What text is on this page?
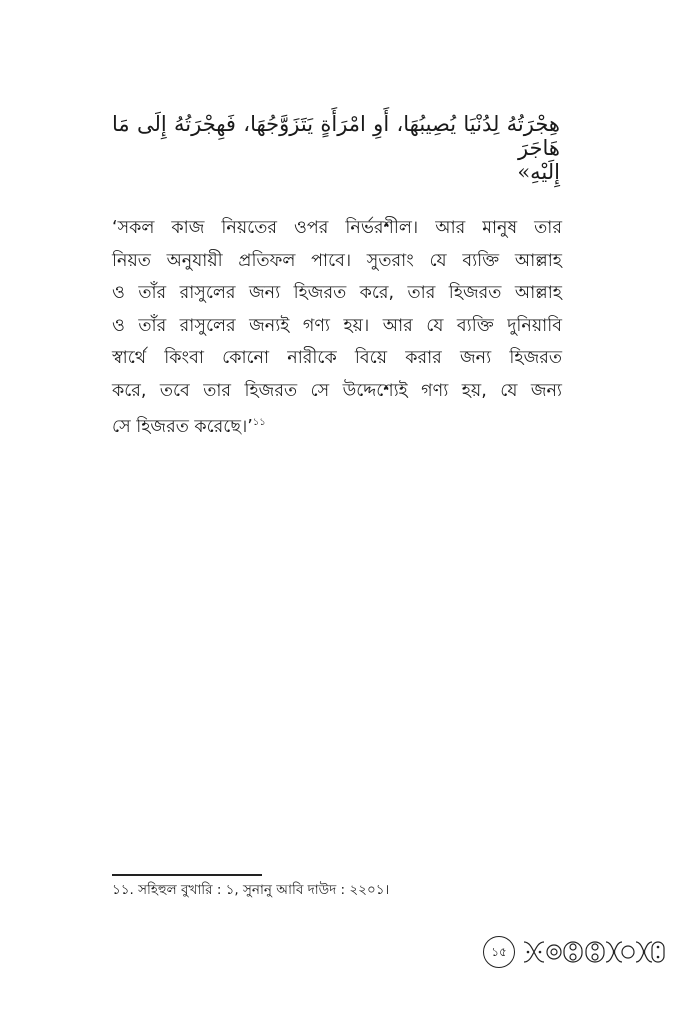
هِجْرَتُهُ لِدُنْيَا يُصِيبُهَا، أَوِ امْرَأَةٍ يَتَزَوَّجُهَا، فَهِجْرَتُهُ إِلَى مَا هَاجَرَ
إِلَيْهِ»
‘সকল কাজ নিয়তের ওপর নির্ভরশীল। আর মানুষ তার
নিয়ত অনুযায়ী প্রতিফল পাবে। সুতরাং যে ব্যক্তি আল্লাহ
ও তাঁর রাসুলের জন্য হিজরত করে, তার হিজরত আল্লাহ
ও তাঁর রাসুলের জন্যই গণ্য হয়। আর যে ব্যক্তি দুনিয়াবি
স্বার্থে কিংবা কোনো নারীকে বিয়ে করার জন্য হিজরত
করে, তবে তার হিজরত সে উদ্দেশ্যেই গণ্য হয়, যে জন্য
সে হিজরত করেছে।’$^{১১}$
১১. সহিহুল বুখারি : ১, সুনানু আবি দাউদ : ২২০১।
১৫
